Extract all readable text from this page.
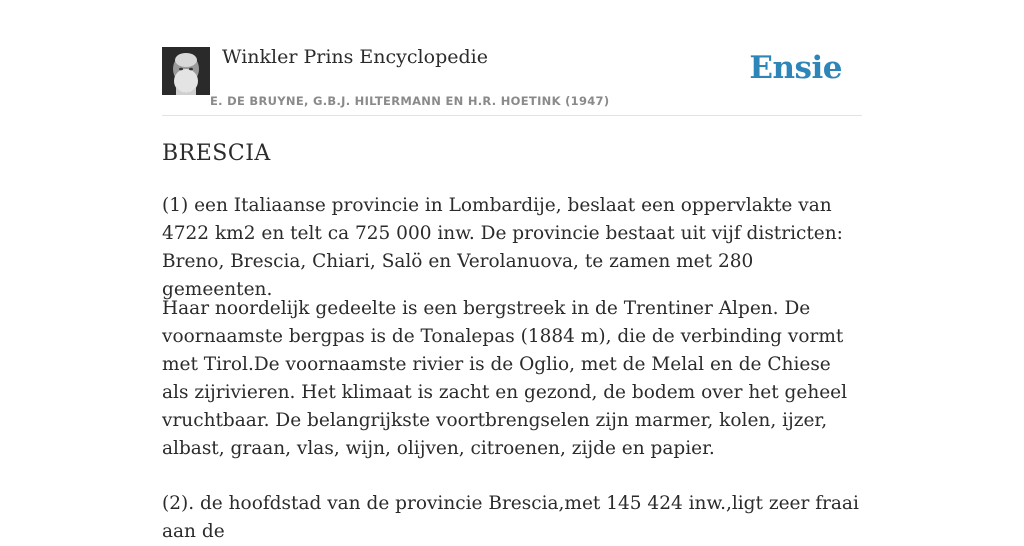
Winkler Prins Encyclopedie
E. DE BRUYNE, G.B.J. HILTERMANN EN H.R. HOETINK (1947)
Ensie
BRESCIA

(1) een Italiaanse provincie in Lombardije, beslaat een oppervlakte van 4722 km2 en telt ca 725 000 inw. De provincie bestaat uit vijf districten: Breno, Brescia, Chiari, Salö en Verolanuova, te zamen met 280 gemeenten.

Haar noordelijk gedeelte is een bergstreek in de Trentiner Alpen. De voornaamste bergpas is de Tonalepas (1884 m), die de verbinding vormt met Tirol.De voornaamste rivier is de Oglio, met de Melal en de Chiese als zijrivieren. Het klimaat is zacht en gezond, de bodem over het geheel vruchtbaar. De belangrijkste voortbrengselen zijn marmer, kolen, ijzer, albast, graan, vlas, wijn, olijven, citroenen, zijde en papier.

(2). de hoofdstad van de provincie Brescia,met 145 424 inw.,ligt zeer fraai aan de
